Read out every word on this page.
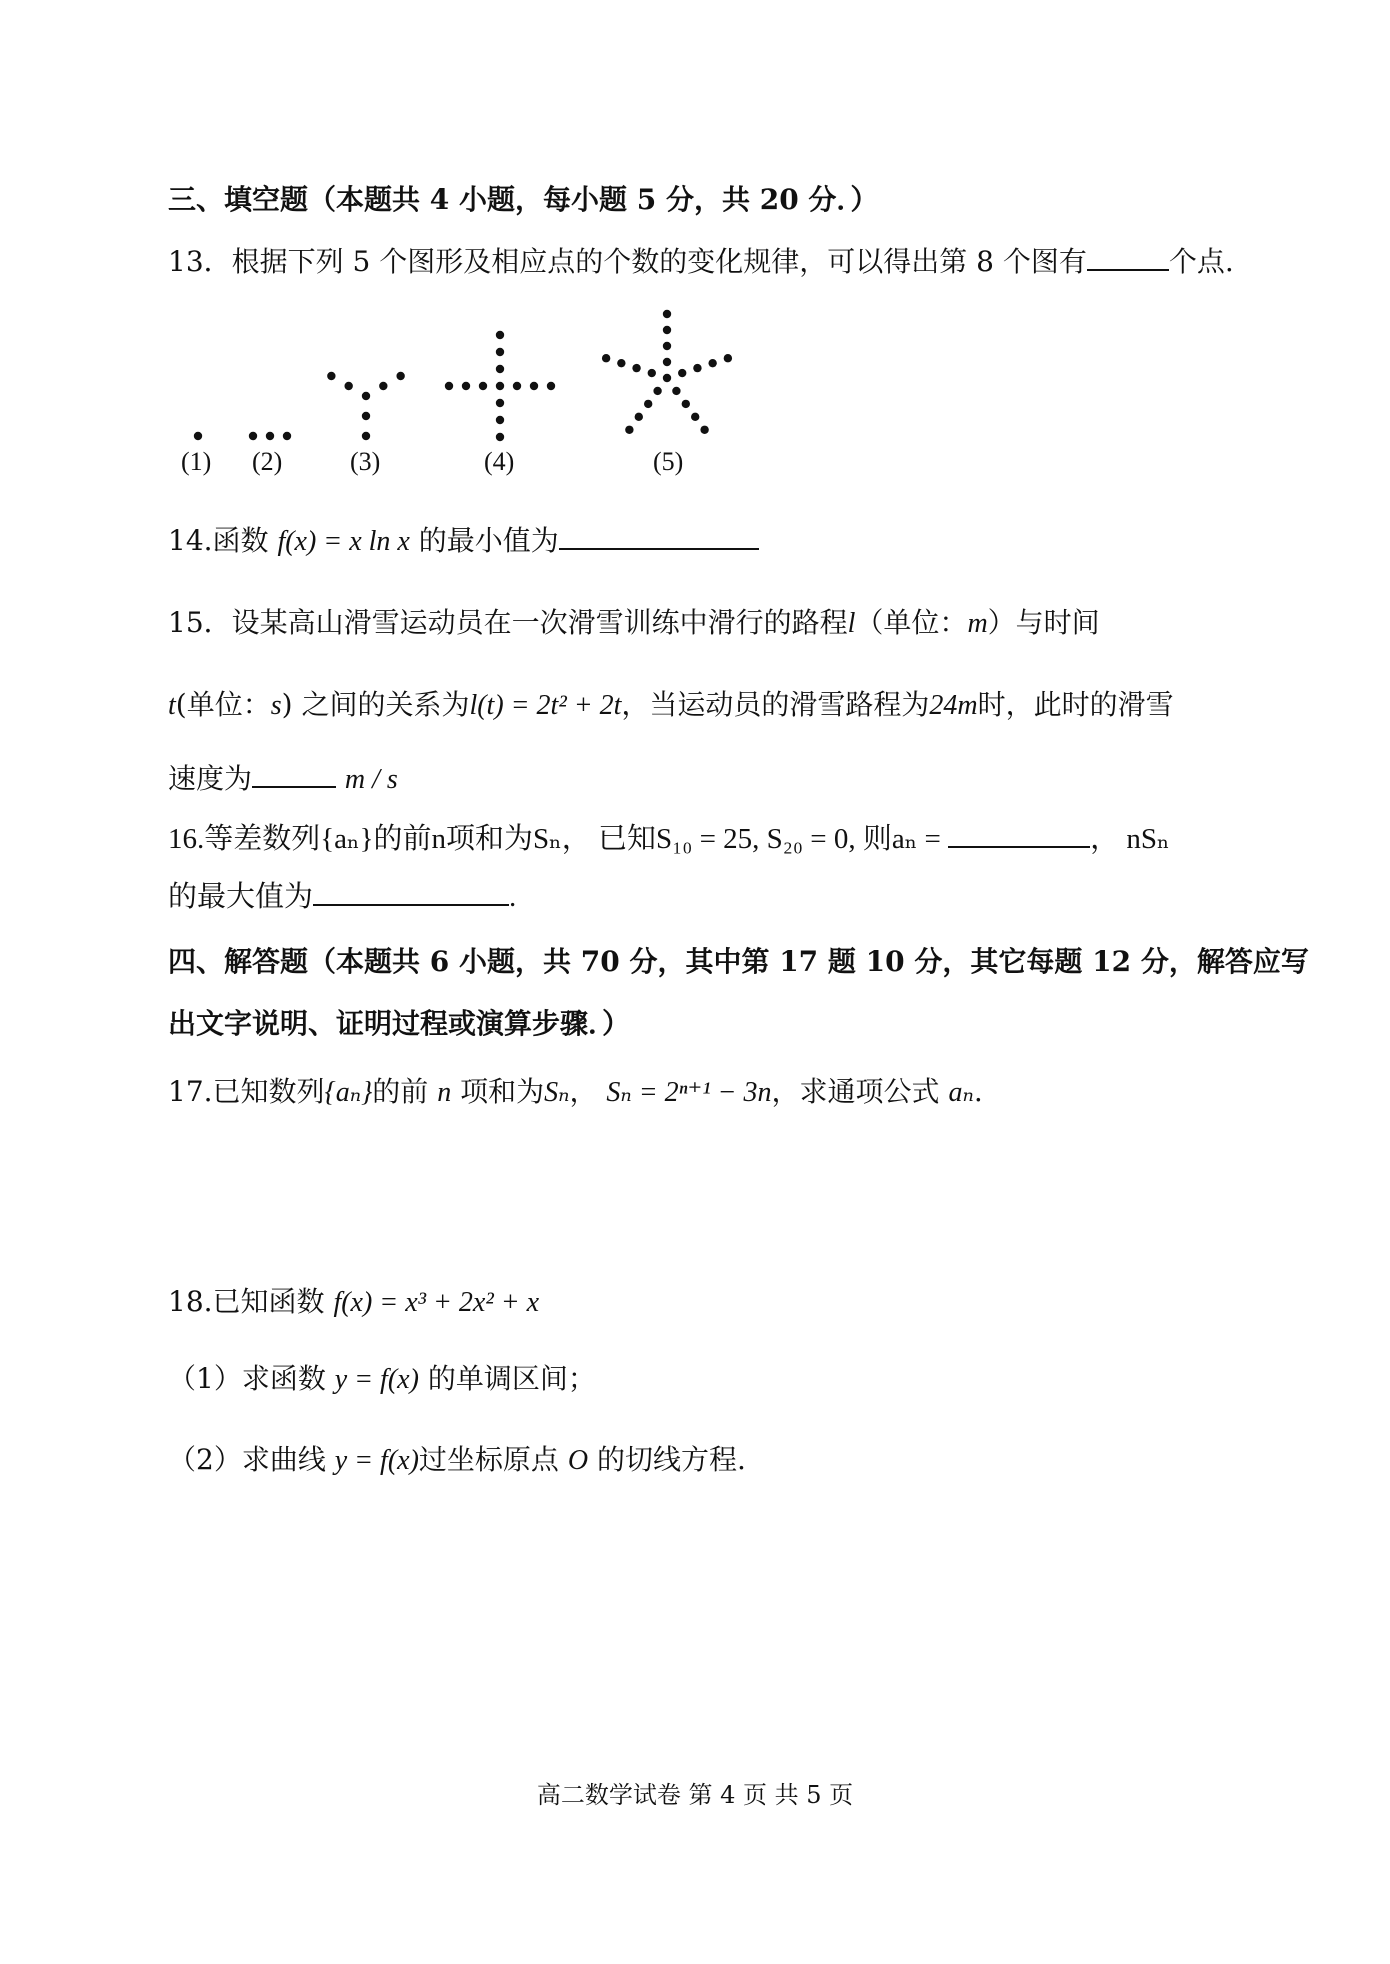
三、填空题（本题共 4 小题，每小题 5 分，共 20 分．）
13．根据下列 5 个图形及相应点的个数的变化规律，可以得出第 8 个图有	个点.
(1) (2)	(3)	(4)	(5)
14.函数 f(x) = x ln x 的最小值为
15．设某高山滑雪运动员在一次滑雪训练中滑行的路程l（单位：m）与时间
t(单位：s) 之间的关系为l(t) = 2t² + 2t，当运动员的滑雪路程为24m时，此时的滑雪
速度为	m / s
16.等差数列{aₙ}的前n项和为Sₙ， 已知S₁₀ = 25, S₂₀ = 0, 则aₙ =	， nSₙ
的最大值为	.
四、解答题（本题共 6 小题，共 70 分，其中第 17 题 10 分，其它每题 12 分，解答应写
出文字说明、证明过程或演算步骤．）
17.已知数列{aₙ}的前 n 项和为Sₙ， Sₙ = 2ⁿ⁺¹ − 3n，求通项公式 aₙ.
18.已知函数 f(x) = x³ + 2x² + x
（1）求函数 y = f(x) 的单调区间；
（2）求曲线 y = f(x)过坐标原点 O 的切线方程.
高二数学试卷 第 4 页 共 5 页
